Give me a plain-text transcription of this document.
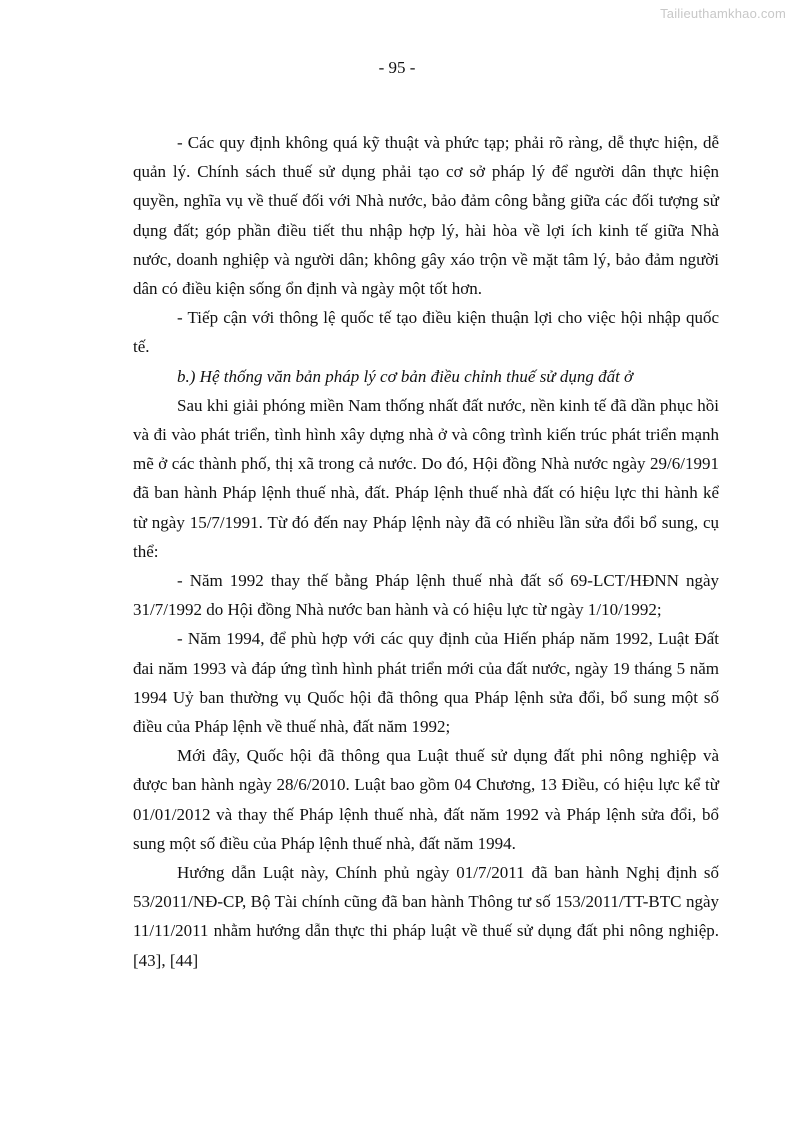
Tailieuthamkhao.com
- 95 -

- Các quy định không quá kỹ thuật và phức tạp; phải rõ ràng, dễ thực hiện, dễ quản lý. Chính sách thuế sử dụng phải tạo cơ sở pháp lý để người dân thực hiện quyền, nghĩa vụ về thuế đối với Nhà nước, bảo đảm công bằng giữa các đối tượng sử dụng đất; góp phần điều tiết thu nhập hợp lý, hài hòa về lợi ích kinh tế giữa Nhà nước, doanh nghiệp và người dân; không gây xáo trộn về mặt tâm lý, bảo đảm người dân có điều kiện sống ổn định và ngày một tốt hơn.

- Tiếp cận với thông lệ quốc tế tạo điều kiện thuận lợi cho việc hội nhập quốc tế.

b.) Hệ thống văn bản pháp lý cơ bản điều chỉnh thuế sử dụng đất ở

Sau khi giải phóng miền Nam thống nhất đất nước, nền kinh tế đã dần phục hồi và đi vào phát triển, tình hình xây dựng nhà ở và công trình kiến trúc phát triển mạnh mẽ ở các thành phố, thị xã trong cả nước. Do đó, Hội đồng Nhà nước ngày 29/6/1991 đã ban hành Pháp lệnh thuế nhà, đất. Pháp lệnh thuế nhà đất có hiệu lực thi hành kể từ ngày 15/7/1991. Từ đó đến nay Pháp lệnh này đã có nhiều lần sửa đổi bổ sung, cụ thể:

- Năm 1992 thay thế bằng Pháp lệnh thuế nhà đất số 69-LCT/HĐNN ngày 31/7/1992 do Hội đồng Nhà nước ban hành và có hiệu lực từ ngày 1/10/1992;

- Năm 1994, để phù hợp với các quy định của Hiến pháp năm 1992, Luật Đất đai năm 1993 và đáp ứng tình hình phát triển mới của đất nước, ngày 19 tháng 5 năm 1994 Uỷ ban thường vụ Quốc hội đã thông qua Pháp lệnh sửa đổi, bổ sung một số điều của Pháp lệnh về thuế nhà, đất năm 1992;

Mới đây, Quốc hội đã thông qua Luật thuế sử dụng đất phi nông nghiệp và được ban hành ngày 28/6/2010. Luật bao gồm 04 Chương, 13 Điều, có hiệu lực kể từ 01/01/2012 và thay thế Pháp lệnh thuế nhà, đất năm 1992 và Pháp lệnh sửa đổi, bổ sung một số điều của Pháp lệnh thuế nhà, đất năm 1994.

Hướng dẫn Luật này, Chính phủ ngày 01/7/2011 đã ban hành Nghị định số 53/2011/NĐ-CP, Bộ Tài chính cũng đã ban hành Thông tư số 153/2011/TT-BTC ngày 11/11/2011 nhằm hướng dẫn thực thi pháp luật về thuế sử dụng đất phi nông nghiệp. [43], [44]
